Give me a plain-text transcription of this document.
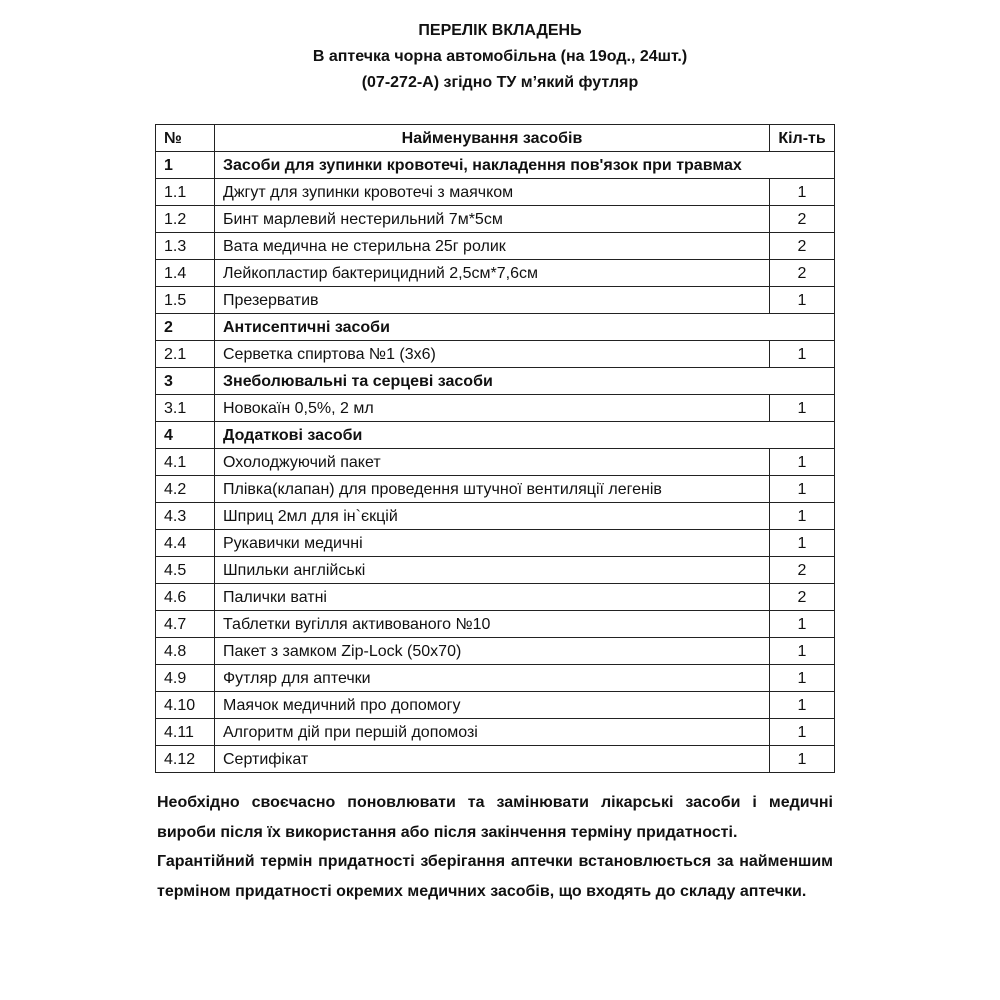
ПЕРЕЛІК ВКЛАДЕНЬ
В аптечка чорна автомобільна (на 19од., 24шт.)
(07-272-А) згідно ТУ м’який футляр
№	Найменування засобів	Кіл-ть
1	Засоби для зупинки кровотечі, накладення пов'язок при травмах	
1.1	Джгут для зупинки кровотечі з маячком	1
1.2	Бинт марлевий нестерильний 7м*5см	2
1.3	Вата медична не стерильна 25г ролик	2
1.4	Лейкопластир бактерицидний 2,5см*7,6см	2
1.5	Презерватив	1
2	Антисептичні засоби	
2.1	Серветка спиртова №1 (3х6)	1
3	Знеболювальні та серцеві засоби	
3.1	Новокаїн 0,5%, 2 мл	1
4	Додаткові засоби	
4.1	Охолоджуючий пакет	1
4.2	Плівка(клапан) для проведення штучної вентиляції легенів	1
4.3	Шприц 2мл для ін`єкцій	1
4.4	Рукавички медичні	1
4.5	Шпильки англійські	2
4.6	Палички ватні	2
4.7	Таблетки вугілля активованого №10	1
4.8	Пакет з замком Zip-Lock (50х70)	1
4.9	Футляр для аптечки	1
4.10	Маячок медичний про допомогу	1
4.11	Алгоритм дій при першій допомозі	1
4.12	Сертифікат	1

Необхідно своєчасно поновлювати та замінювати лікарські засоби і медичні вироби після їх використання або після закінчення терміну придатності.

Гарантійний термін придатності зберігання аптечки встановлюється за найменшим терміном придатності окремих медичних засобів, що входять до складу аптечки.
